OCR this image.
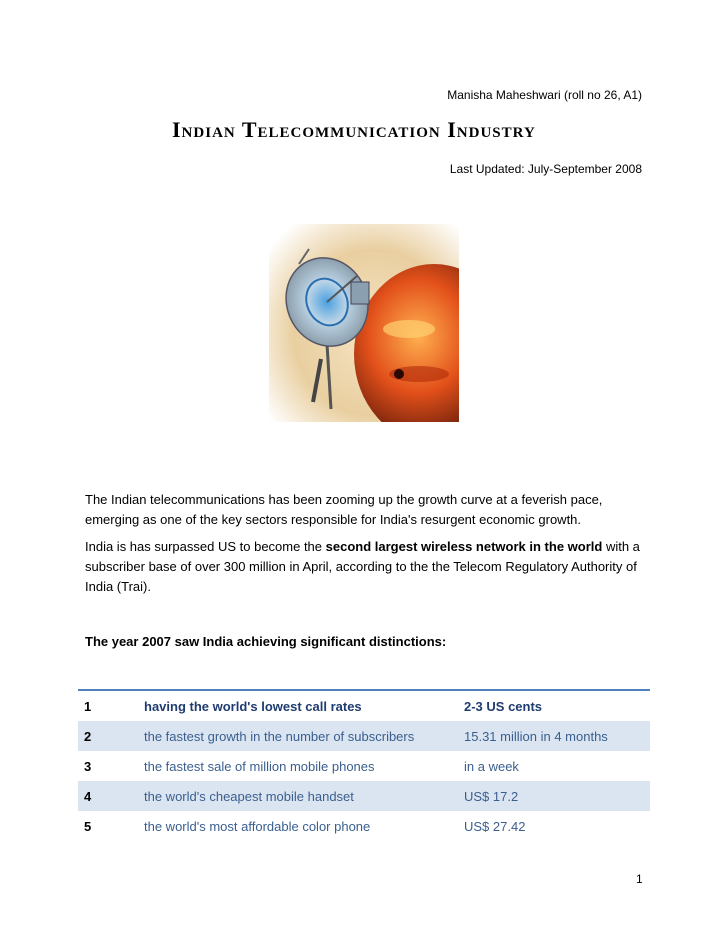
Manisha Maheshwari (roll no 26, A1)
Indian Telecommunication Industry
Last Updated: July-September 2008
The Indian telecommunications has been zooming up the growth curve at a feverish pace, emerging as one of the key sectors responsible for India's resurgent economic growth.
India is has surpassed US to become the second largest wireless network in the world with a subscriber base of over 300 million in April, according to the the Telecom Regulatory Authority of India (Trai).
The year 2007 saw India achieving significant distinctions:
1	having the world's lowest call rates	2-3 US cents
2	the fastest growth in the number of subscribers	15.31 million in 4 months
3	the fastest sale of million mobile phones	in a week
4	the world's cheapest mobile handset	US$ 17.2
5	the world's most affordable color phone	US$ 27.42
1
